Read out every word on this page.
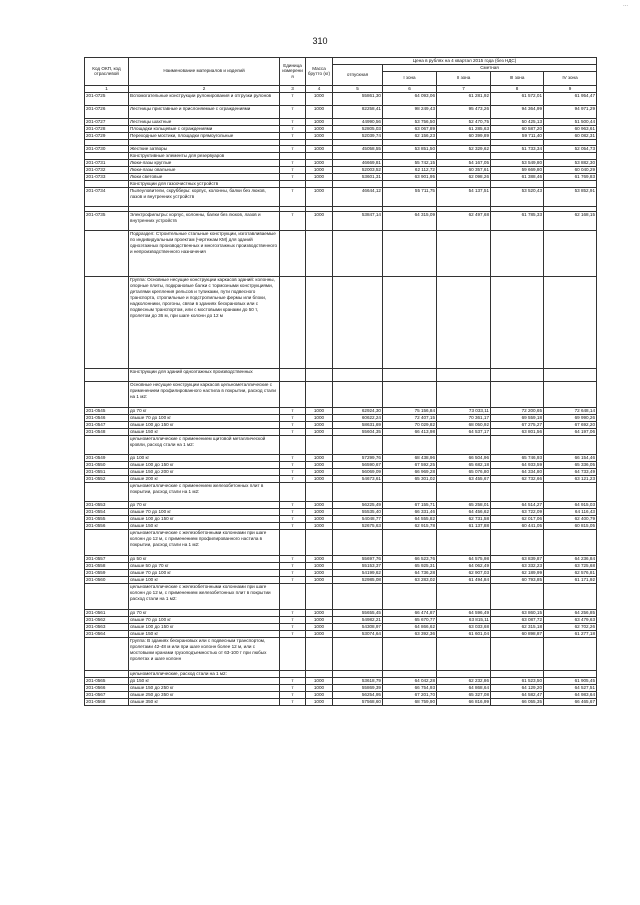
...
310
Код ОКП, код отраслевой	Наименование материалов и изделий	Единица измерения	Масса брутто (кг)	Цена в рублях на 4 квартал 2015 года (без НДС)				
				отпускная	Сметная			
					I зона	II зона	III зона	IV зона
1	2	3	4	5	6	7	8	9
201-0725	Вспомогательные конструкции рулонирования и отгрузки рулонов	т	1000	55861,30	64 093,06	61 281,92	61 572,01	61 954,47
201-0726	Лестницы приставные и прислоняемые с ограждениями	т	1000	82258,41	98 249,43	95 473,26	94 364,99	94 971,29
201-0727	Лестницы шахтные	т	1000	44990,56	53 756,50	52 470,75	50 425,13	51 500,44
201-0728	Площадки кольцевые с ограждениями	т	1000	52805,03	63 067,89	61 285,63	60 587,20	60 963,61
201-0729	Переходные мостики, площадки прямоугольные	т	1000	52039,74	62 156,23	60 399,89	59 711,40	60 082,31

201-0730	Жесткие затворы	т	1000	45058,55	53 851,50	52 329,62	51 733,34	52 054,73
	Конструктивные элементы для резервуаров							
201-0731	Люки-лазы круглые	т	1000	46669,81	55 742,15	54 167,05	53 549,80	53 882,30
201-0732	Люки-лазы овальные	т	1000	52003,52	62 112,72	60 357,61	59 669,80	60 040,29
201-0733	Люки световые	т	1000	53601,31	63 901,95	62 098,26	61 388,46	61 769,83
	Конструкции для газоочистных устройств							
201-0734	Пылеуловители, скрубберы: корпус, колонны, балки без люков, лазов и внутренних устройств	т	1000	46644,12	55 711,75	54 137,51	53 520,43	53 852,91

201-0735	Электрофильтры: корпус, колонны, балки без люков, лазов и внутренних устройств	т	1000	53847,14	64 315,09	62 497,68	61 785,33	62 168,15
	Подраздел: Строительные стальные конструкции, изготавливаемые по индивидуальным проектам (чертежам КМ) для зданий одноэтажных производственных и многоэтажных производственного и непроизводственного назначения							
	Группа: Основные несущие конструкции каркасов зданий: колонны, опорные плиты, подкрановые балки с тормозными конструкциями, деталями крепления рельсов и тупиками, пути подвесного транспорта, стропильные и подстропильные фермы или блоки, надколонники, прогоны, связи в зданиях бескрановых или с подвесным транспортом, или с мостовыми кранами до 50 т, пролетом до 36 м, при шаге колонн до 12 м							
	Конструкции для зданий одноэтажных производственных							
	Основные несущие конструкции каркасов цельнометаллические с применением профилированного настила в покрытии, расход стали на 1 м2:							
201-0545	до 70 кг	т	1000	62924,30	75 156,84	73 033,11	72 200,65	72 648,14
201-0546	свыше 70 до 100 кг	т	1000	60622,24	72 407,15	70 361,17	69 559,18	69 990,26
201-0547	свыше 100 до 150 кг	т	1000	58631,69	70 029,82	68 050,92	67 275,27	67 692,20
201-0548	свыше 150 кг	т	1000	55604,35	66 413,98	64 537,17	63 801,56	64 197,06
	цельнометаллические с применением щитовой металлической кровли, расход стали на 1 м2:							
201-0549	до 100 кг	т	1000	57299,76	68 438,96	66 504,96	65 746,93	66 154,46
201-0550	свыше 100 до 150 кг	т	1000	56590,67	67 592,25	65 682,18	64 933,59	65 336,05
201-0551	свыше 150 до 200 кг	т	1000	56069,09	66 969,28	65 076,80	64 334,80	64 733,49
201-0552	свыше 200 кг	т	1000	54673,61	65 301,02	63 455,67	62 732,66	63 121,23
	цельнометаллические с применением железобетонных плит в покрытии, расход стали на 1 м2:							
201-0553	до 70 кг	т	1000	56225,49	67 155,71	65 258,01	64 514,27	64 915,03
201-0554	свыше 70 до 100 кг	т	1000	55535,40	66 331,46	64 456,62	63 722,09	64 116,43
201-0555	свыше 100 до 150 кг	т	1000	54048,77	64 555,82	62 731,58	62 017,06	62 400,79
201-0556	свыше 150 кг	т	1000	52675,63	62 915,78	61 137,88	60 441,05	60 815,05
	цельнометаллические с железобетонными колоннами при шаге колонн до 12 м, с применением профилированного настила в покрытии, расход стали на 1 м2:							
201-0557	до 50 кг	т	1000	55697,76	66 523,76	64 575,98	63 839,87	64 236,84
201-0558	свыше 50 до 70 кг	т	1000	55153,37	65 925,31	64 062,49	63 332,23	63 725,68
201-0559	свыше 70 до 100 кг	т	1000	54199,62	64 736,28	62 907,03	62 189,99	62 576,81
201-0560	свыше 100 кг	т	1000	52985,08	63 283,02	61 494,84	60 793,85	61 171,92
	цельнометаллические с железобетонными колоннами при шаге колонн до 12 м, с применением железобетонных плит в покрытии расход стали на 1 м2:							
201-0561	до 70 кг	т	1000	55655,45	66 474,87	64 596,49	63 860,15	64 256,85
201-0562	свыше 70 до 100 кг	т	1000	54982,21	65 670,77	63 815,11	63 087,72	63 479,63
201-0563	свыше 100 до 150 кг	т	1000	54308,97	64 866,62	63 033,68	62 315,18	62 702,26
201-0564	свыше 150 кг	т	1000	53074,64	63 392,36	61 601,04	60 898,87	61 277,18
	Группа: В зданиях бескрановых или с подвесным транспортом, пролетами 42-48 м или при шаге колонн более 12 м, или с мостовыми кранами грузоподъемностью от 63-100 т при любых пролетах и шаге колонн							
	цельнометаллические, расход стали на 1 м2:							
201-0565	до 150 кг	т	1000	53618,79	64 042,28	62 232,86	61 523,50	61 905,45
201-0566	свыше 150 до 250 кг	т	1000	55869,39	66 754,93	64 868,64	64 129,20	64 527,51
201-0567	свыше 250 до 350 кг	т	1000	56254,95	67 201,70	65 327,08	64 582,47	64 983,64
201-0568	свыше 350 кг	т	1000	57568,60	68 759,90	66 816,99	66 055,35	66 465,67
